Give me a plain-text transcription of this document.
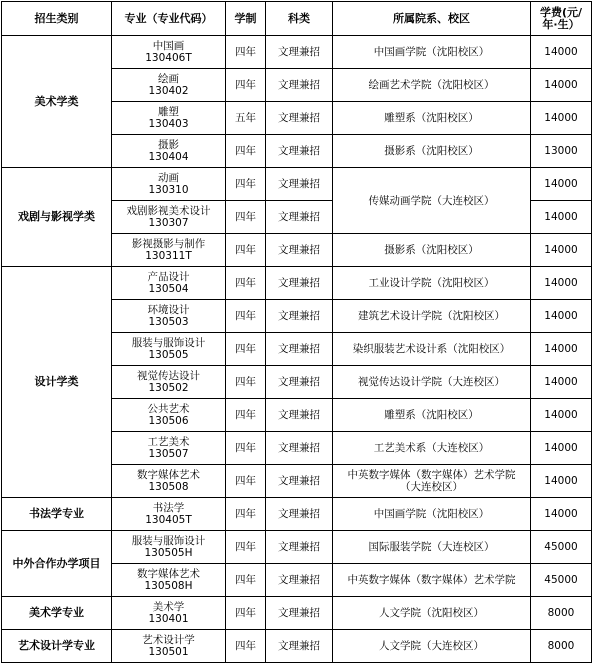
招生类别	专业（专业代码）	学制	科类	所属院系、校区	学费(元/
年·生）

美术学类	中国画
130406T	四年	文理兼招	中国画学院（沈阳校区）	14000

	绘画
130402	四年	文理兼招	绘画艺术学院（沈阳校区）	14000

	雕塑
130403	五年	文理兼招	雕塑系（沈阳校区）	14000

	摄影
130404	四年	文理兼招	摄影系（沈阳校区）	13000
戏剧与影视学类	动画
130310	四年	文理兼招	传媒动画学院（大连校区）	14000

	戏剧影视美术设计
130307	四年	文理兼招		14000

	影视摄影与制作
130311T	四年	文理兼招	摄影系（沈阳校区）	14000
设计学类	产品设计
130504	四年	文理兼招	工业设计学院（沈阳校区）	14000

	环境设计
130503	四年	文理兼招	建筑艺术设计学院（沈阳校区）	14000

	服装与服饰设计
130505	四年	文理兼招	染织服装艺术设计系（沈阳校区）	14000

	视觉传达设计
130502	四年	文理兼招	视觉传达设计学院（大连校区）	14000

	公共艺术
130506	四年	文理兼招	雕塑系（沈阳校区）	14000

	工艺美术
130507	四年	文理兼招	工艺美术系（大连校区）	14000

	数字媒体艺术
130508	四年	文理兼招	中英数字媒体（数字媒体）艺术学院
（大连校区）	14000
书法学专业	书法学
130405T	四年	文理兼招	中国画学院（沈阳校区）	14000
中外合作办学项目	服装与服饰设计
130505H	四年	文理兼招	国际服装学院（大连校区）	45000

	数字媒体艺术
130508H	四年	文理兼招	中英数字媒体（数字媒体）艺术学院	45000
美术学专业	美术学
130401	四年	文理兼招	人文学院（沈阳校区）	8000
艺术设计学专业	艺术设计学
130501	四年	文理兼招	人文学院（大连校区）	8000
